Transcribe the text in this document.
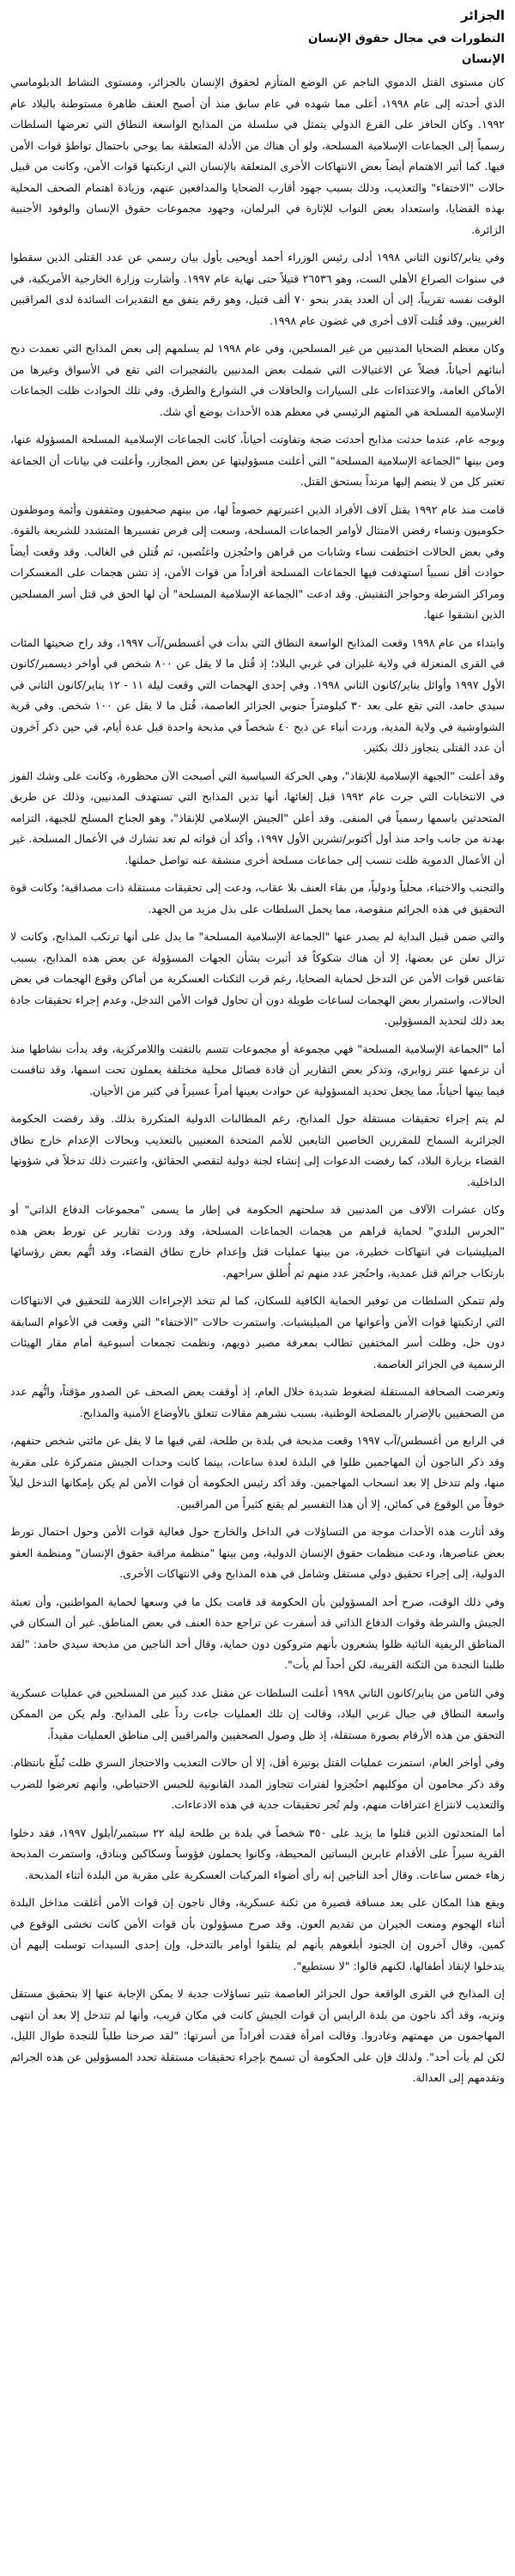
الجزائر
التطورات في مجال حقوق الإنسان
الإنسان

كان مستوى القتل الدموي الناجم عن الوضع المتأزم لحقوق الإنسان بالجزائر، ومستوى النشاط الدبلوماسي الذي أحدثه إلى عام ١٩٩٨، أعلى مما شهده في عام سابق منذ أن أصبح العنف ظاهرة مستوطنة بالبلاد عام ١٩٩٢. وكان الحافز على القرع الدولي يتمثل في سلسلة من المذابح الواسعة النطاق التي تعرضها السلطات رسمياً إلى الجماعات الإسلامية المسلحة، ولو أن هناك من الأدلة المتعلقة بما يوحي باحتمال تواطؤ قوات الأمن فيها. كما أثير الاهتمام أيضاً بعض الانتهاكات الأخرى المتعلقة بالإنسان التي ارتكبتها قوات الأمن، وكانت من قبيل حالات "الاختفاء" والتعذيب، وذلك بسبب جهود أقارب الضحايا والمدافعين عنهم، وزيادة اهتمام الصحف المحلية بهذه القضايا، واستعداد بعض النواب للإثارة في البرلمان، وجهود مجموعات حقوق الإنسان والوفود الأجنبية الزائرة.

وفي يناير/كانون الثاني ١٩٩٨ أدلى رئيس الوزراء أحمد أويحيى بأول بيان رسمي عن عدد القتلى الذين سقطوا في سنوات الصراع الأهلي الست، وهو ٢٦٥٣٦ قتيلاً حتى نهاية عام ١٩٩٧. وأشارت وزارة الخارجية الأمريكية، في الوقت نفسه تقريباً، إلى أن العدد يقدر بنحو ٧٠ ألف قتيل، وهو رقم يتفق مع التقديرات السائدة لدى المراقبين الغربيين. وقد قُتلت آلاف أخرى في غضون عام ١٩٩٨.

وكان معظم الضحايا المدنيين من غير المسلحين، وفي عام ١٩٩٨ لم يسلمهم إلى بعض المذابح التي تعمدت ذبح أبنائهم أحياناً، فضلاً عن الاغتيالات التي شملت بعض المدنيين بالتفجيرات التي تقع في الأسواق وغيرها من الأماكن العامة، والاعتداءات على السيارات والحافلات في الشوارع والطرق. وفي تلك الحوادث ظلت الجماعات الإسلامية المسلحة هي المتهم الرئيسي في معظم هذه الأحداث بوضع أي شك.

وبوجه عام، عندما حدثت مذابح أحدثت ضجة وتفاوتت أحياناً، كانت الجماعات الإسلامية المسلحة المسؤولة عنها، ومن بينها "الجماعة الإسلامية المسلحة" التي أعلنت مسؤوليتها عن بعض المجازر، وأعلنت في بيانات أن الجماعة تعتبر كل من لا ينضم إليها مرتداً يستحق القتل.

قامت منذ عام ١٩٩٢ بقتل آلاف الأفراد الذين اعتبرتهم خصوماً لها، من بينهم صحفيون ومثقفون وأئمة وموظفون حكوميون ونساء رفضن الامتثال لأوامر الجماعات المسلحة، وسعت إلى فرض تفسيرها المتشدد للشريعة بالقوة. وفي بعض الحالات اختطفت نساء وشابات من قراهن واحتُجزن واغتُصبن، ثم قُتلن في الغالب. وقد وقعت أيضاً حوادث أقل نسبياً استهدفت فيها الجماعات المسلحة أفراداً من قوات الأمن، إذ تشن هجمات على المعسكرات ومراكز الشرطة وحواجز التفتيش. وقد ادعت "الجماعة الإسلامية المسلحة" أن لها الحق في قتل أسر المسلحين الذين انشقوا عنها.

وابتداء من عام ١٩٩٨ وقعت المذابح الواسعة النطاق التي بدأت في أغسطس/آب ١٩٩٧، وقد راح ضحيتها المئات في القرى المنعزلة في ولاية غليزان في غربي البلاد؛ إذ قُتل ما لا يقل عن ٨٠٠ شخص في أواخر ديسمبر/كانون الأول ١٩٩٧ وأوائل يناير/كانون الثاني ١٩٩٨. وفي إحدى الهجمات التي وقعت ليلة ١١ - ١٢ يناير/كانون الثاني في سيدي حامد، التي تقع على بعد ٣٠ كيلومتراً جنوبي الجزائر العاصمة، قُتل ما لا يقل عن ١٠٠ شخص. وفي قرية الشواوشية في ولاية المدية، وردت أنباء عن ذبح ٤٠ شخصاً في مذبحة واحدة قبل عدة أيام، في حين ذكر آخرون أن عدد القتلى يتجاوز ذلك بكثير.

وقد أعلنت "الجبهة الإسلامية للإنقاذ"، وهي الحركة السياسية التي أصبحت الآن محظورة، وكانت على وشك الفوز في الانتخابات التي جرت عام ١٩٩٢ قبل إلغائها، أنها تدين المذابح التي تستهدف المدنيين، وذلك عن طريق المتحدثين باسمها رسمياً في المنفى. وقد أعلن "الجيش الإسلامي للإنقاذ"، وهو الجناح المسلح للجبهة، التزامه بهدنة من جانب واحد منذ أول أكتوبر/تشرين الأول ١٩٩٧، وأكد أن قواته لم تعد تشارك في الأعمال المسلحة. غير أن الأعمال الدموية ظلت تنسب إلى جماعات مسلحة أخرى منشقة عنه تواصل حملتها.

والتجنب والاختباء، محلياً ودولياً، من بقاء العنف بلا عقاب، ودعت إلى تحقيقات مستقلة ذات مصداقية؛ وكانت قوة التحقيق في هذه الجرائم منقوصة، مما يحمل السلطات على بذل مزيد من الجهد.

والتي ضمن قبيل البداية لم يصدر عنها "الجماعة الإسلامية المسلحة" ما يدل على أنها ترتكب المذابح، وكانت لا تزال تعلن عن بعضها، إلا أن هناك شكوكاً قد أثيرت بشأن الجهات المسؤولة عن بعض هذه المذابح، بسبب تقاعس قوات الأمن عن التدخل لحماية الضحايا، رغم قرب الثكنات العسكرية من أماكن وقوع الهجمات في بعض الحالات، واستمرار بعض الهجمات لساعات طويلة دون أن تحاول قوات الأمن التدخل، وعدم إجراء تحقيقات جادة بعد ذلك لتحديد المسؤولين.

أما "الجماعة الإسلامية المسلحة" فهي مجموعة أو مجموعات تتسم بالتفتت واللامركزية، وقد بدأت نشاطها منذ أن تزعمها عنتر زوابري، وتذكر بعض التقارير أن قادة فصائل محلية مختلفة يعملون تحت اسمها، وقد تنافست فيما بينها أحياناً، مما يجعل تحديد المسؤولية عن حوادث بعينها أمراً عسيراً في كثير من الأحيان.

لم يتم إجراء تحقيقات مستقلة حول المذابح، رغم المطالبات الدولية المتكررة بذلك. وقد رفضت الحكومة الجزائرية السماح للمقررين الخاصين التابعين للأمم المتحدة المعنيين بالتعذيب وبحالات الإعدام خارج نطاق القضاء بزيارة البلاد، كما رفضت الدعوات إلى إنشاء لجنة دولية لتقصي الحقائق، واعتبرت ذلك تدخلاً في شؤونها الداخلية.

وكان عشرات الآلاف من المدنيين قد سلحتهم الحكومة في إطار ما يسمى "مجموعات الدفاع الذاتي" أو "الحرس البلدي" لحماية قراهم من هجمات الجماعات المسلحة، وقد وردت تقارير عن تورط بعض هذه الميليشيات في انتهاكات خطيرة، من بينها عمليات قتل وإعدام خارج نطاق القضاء، وقد اتُّهم بعض رؤسائها بارتكاب جرائم قتل عمدية، واحتُجز عدد منهم ثم أُطلق سراحهم.

ولم تتمكن السلطات من توفير الحماية الكافية للسكان، كما لم تتخذ الإجراءات اللازمة للتحقيق في الانتهاكات التي ارتكبتها قوات الأمن وأعوانها من الميليشيات. واستمرت حالات "الاختفاء" التي وقعت في الأعوام السابقة دون حل، وظلت أسر المختفين تطالب بمعرفة مصير ذويهم، ونظمت تجمعات أسبوعية أمام مقار الهيئات الرسمية في الجزائر العاصمة.

وتعرضت الصحافة المستقلة لضغوط شديدة خلال العام، إذ أوقفت بعض الصحف عن الصدور مؤقتاً، واتُّهم عدد من الصحفيين بالإضرار بالمصلحة الوطنية، بسبب نشرهم مقالات تتعلق بالأوضاع الأمنية والمذابح.

في الرابع من أغسطس/آب ١٩٩٧ وقعت مذبحة في بلدة بن طلحة، لقي فيها ما لا يقل عن مائتي شخص حتفهم، وقد ذكر الناجون أن المهاجمين ظلوا في البلدة لعدة ساعات، بينما كانت وحدات الجيش متمركزة على مقربة منها، ولم تتدخل إلا بعد انسحاب المهاجمين. وقد أكد رئيس الحكومة أن قوات الأمن لم يكن بإمكانها التدخل ليلاً خوفاً من الوقوع في كمائن، إلا أن هذا التفسير لم يقنع كثيراً من المراقبين.

وقد أثارت هذه الأحداث موجة من التساؤلات في الداخل والخارج حول فعالية قوات الأمن وحول احتمال تورط بعض عناصرها، ودعت منظمات حقوق الإنسان الدولية، ومن بينها "منظمة مراقبة حقوق الإنسان" ومنظمة العفو الدولية، إلى إجراء تحقيق دولي مستقل وشامل في هذه المذابح وفي الانتهاكات الأخرى.

وفي ذلك الوقت، صرح أحد المسؤولين بأن الحكومة قد قامت بكل ما في وسعها لحماية المواطنين، وأن تعبئة الجيش والشرطة وقوات الدفاع الذاتي قد أسفرت عن تراجع حدة العنف في بعض المناطق. غير أن السكان في المناطق الريفية النائية ظلوا يشعرون بأنهم متروكون دون حماية، وقال أحد الناجين من مذبحة سيدي حامد: "لقد طلبنا النجدة من الثكنة القريبة، لكن أحداً لم يأت".

وفي الثامن من يناير/كانون الثاني ١٩٩٨ أعلنت السلطات عن مقتل عدد كبير من المسلحين في عمليات عسكرية واسعة النطاق في جبال غربي البلاد، وقالت إن تلك العمليات جاءت رداً على المذابح. ولم يكن من الممكن التحقق من هذه الأرقام بصورة مستقلة، إذ ظل وصول الصحفيين والمراقبين إلى مناطق العمليات مقيداً.

وفي أواخر العام، استمرت عمليات القتل بوتيرة أقل، إلا أن حالات التعذيب والاحتجاز السري ظلت تُبلّغ بانتظام. وقد ذكر محامون أن موكليهم احتُجزوا لفترات تتجاوز المدد القانونية للحبس الاحتياطي، وأنهم تعرضوا للضرب والتعذيب لانتزاع اعترافات منهم، ولم تُجر تحقيقات جدية في هذه الادعاءات.

أما المتحدثون الذين قتلوا ما يزيد على ٣٥٠ شخصاً في بلدة بن طلحة ليلة ٢٢ سبتمبر/أيلول ١٩٩٧، فقد دخلوا القرية سيراً على الأقدام عابرين البساتين المحيطة، وكانوا يحملون فؤوساً وسكاكين وبنادق، واستمرت المذبحة زهاء خمس ساعات. وقال أحد الناجين إنه رأى أضواء المركبات العسكرية على مقربة من البلدة أثناء المذبحة.

ويقع هذا المكان على بعد مسافة قصيرة من ثكنة عسكرية، وقال ناجون إن قوات الأمن أغلقت مداخل البلدة أثناء الهجوم ومنعت الجيران من تقديم العون. وقد صرح مسؤولون بأن قوات الأمن كانت تخشى الوقوع في كمين. وقال آخرون إن الجنود أبلغوهم بأنهم لم يتلقوا أوامر بالتدخل، وإن إحدى السيدات توسلت إليهم أن يتدخلوا لإنقاذ أطفالها، لكنهم قالوا: "لا نستطيع".

إن المذابح في القرى الواقعة حول الجزائر العاصمة تثير تساؤلات جدية لا يمكن الإجابة عنها إلا بتحقيق مستقل ونزيه، وقد أكد ناجون من بلدة الرايس أن قوات الجيش كانت في مكان قريب، وأنها لم تتدخل إلا بعد أن انتهى المهاجمون من مهمتهم وغادروا. وقالت امرأة فقدت أفراداً من أسرتها: "لقد صرخنا طلباً للنجدة طوال الليل، لكن لم يأت أحد". ولذلك فإن على الحكومة أن تسمح بإجراء تحقيقات مستقلة تحدد المسؤولين عن هذه الجرائم وتقدمهم إلى العدالة.
